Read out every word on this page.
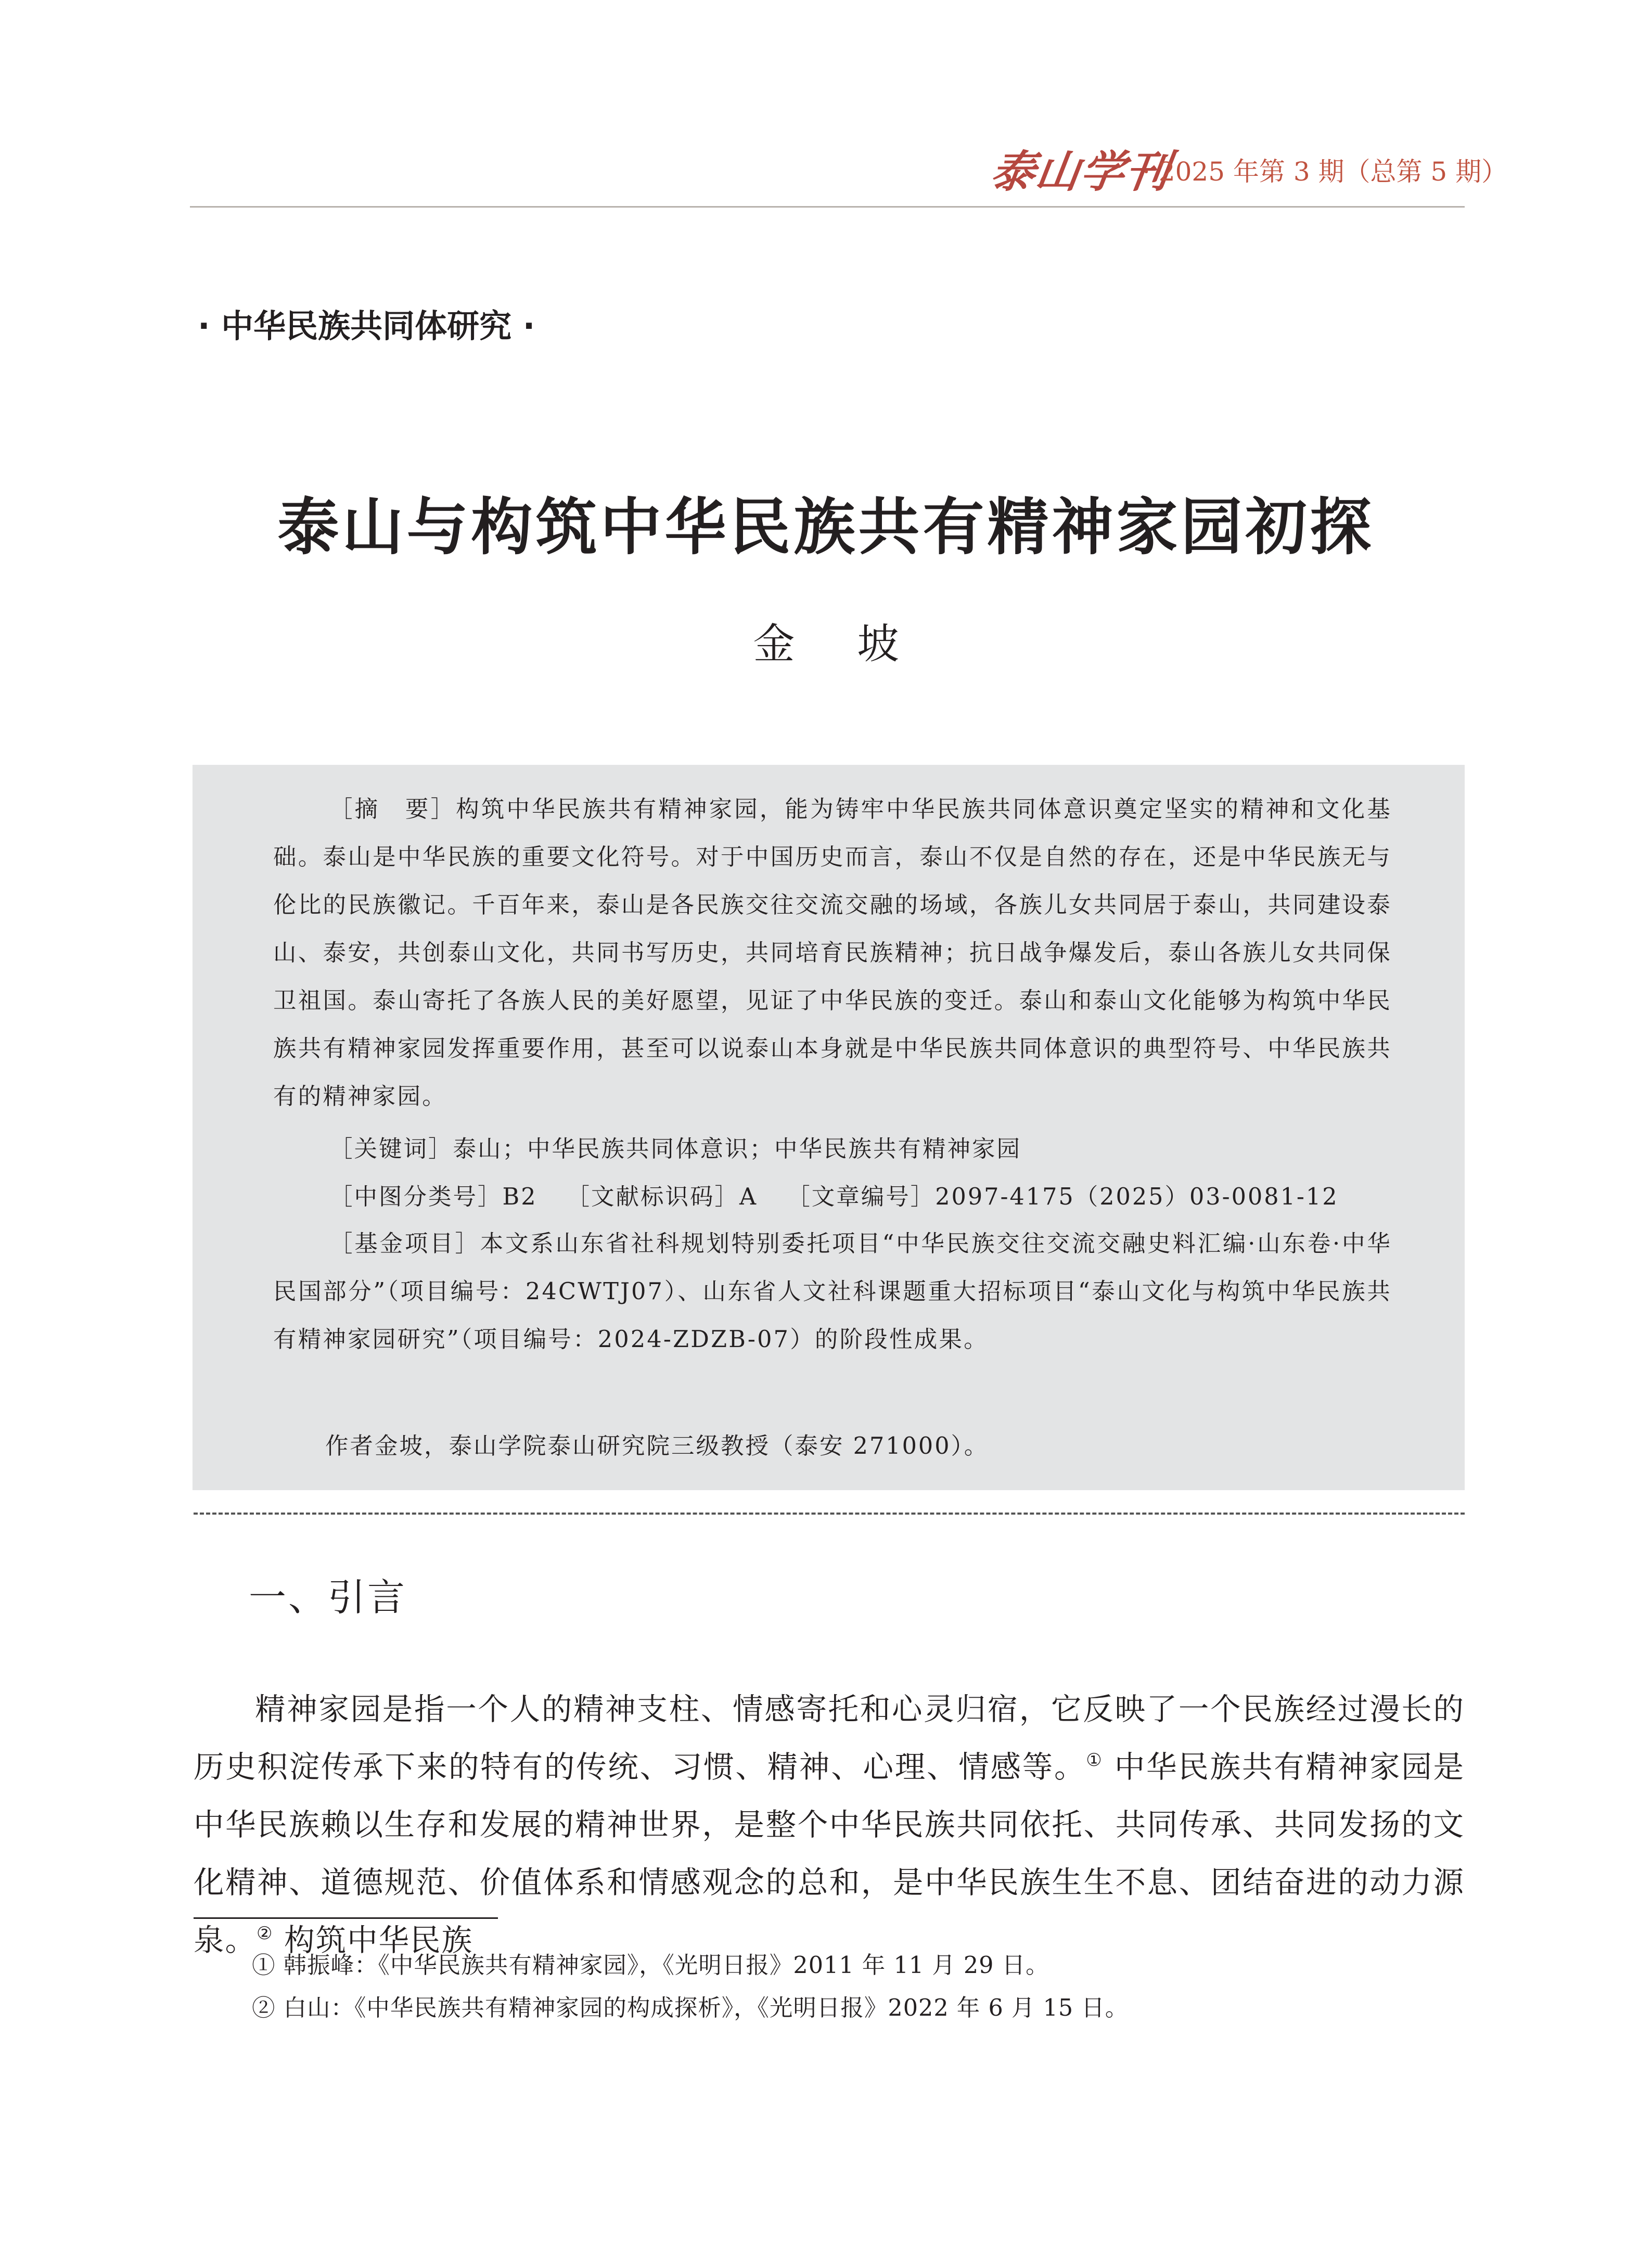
泰山学刊
· 2025 年第 3 期（总第 5 期）
· 中华民族共同体研究 ·
泰山与构筑中华民族共有精神家园初探
金坡
［摘　要］构筑中华民族共有精神家园，能为铸牢中华民族共同体意识奠定坚实的精神和文化基础。泰山是中华民族的重要文化符号。对于中国历史而言，泰山不仅是自然的存在，还是中华民族无与伦比的民族徽记。千百年来，泰山是各民族交往交流交融的场域，各族儿女共同居于泰山，共同建设泰山、泰安，共创泰山文化，共同书写历史，共同培育民族精神；抗日战争爆发后，泰山各族儿女共同保卫祖国。泰山寄托了各族人民的美好愿望，见证了中华民族的变迁。泰山和泰山文化能够为构筑中华民族共有精神家园发挥重要作用，甚至可以说泰山本身就是中华民族共同体意识的典型符号、中华民族共有的精神家园。
［关键词］泰山；中华民族共同体意识；中华民族共有精神家园
［中图分类号］B2 ［文献标识码］A ［文章编号］2097-4175（2025）03-0081-12
［基金项目］本文系山东省社科规划特别委托项目“中华民族交往交流交融史料汇编·山东卷·中华民国部分”（项目编号：24CWTJ07）、山东省人文社科课题重大招标项目“泰山文化与构筑中华民族共有精神家园研究”（项目编号：2024-ZDZB-07）的阶段性成果。
作者金坡，泰山学院泰山研究院三级教授（泰安 271000）。
一、引言
精神家园是指一个人的精神支柱、情感寄托和心灵归宿，它反映了一个民族经过漫长的历史积淀传承下来的特有的传统、习惯、精神、心理、情感等。① 中华民族共有精神家园是中华民族赖以生存和发展的精神世界，是整个中华民族共同依托、共同传承、共同发扬的文化精神、道德规范、价值体系和情感观念的总和，是中华民族生生不息、团结奋进的动力源泉。② 构筑中华民族
① 韩振峰：《中华民族共有精神家园》，《光明日报》2011 年 11 月 29 日。
② 白山：《中华民族共有精神家园的构成探析》，《光明日报》2022 年 6 月 15 日。
